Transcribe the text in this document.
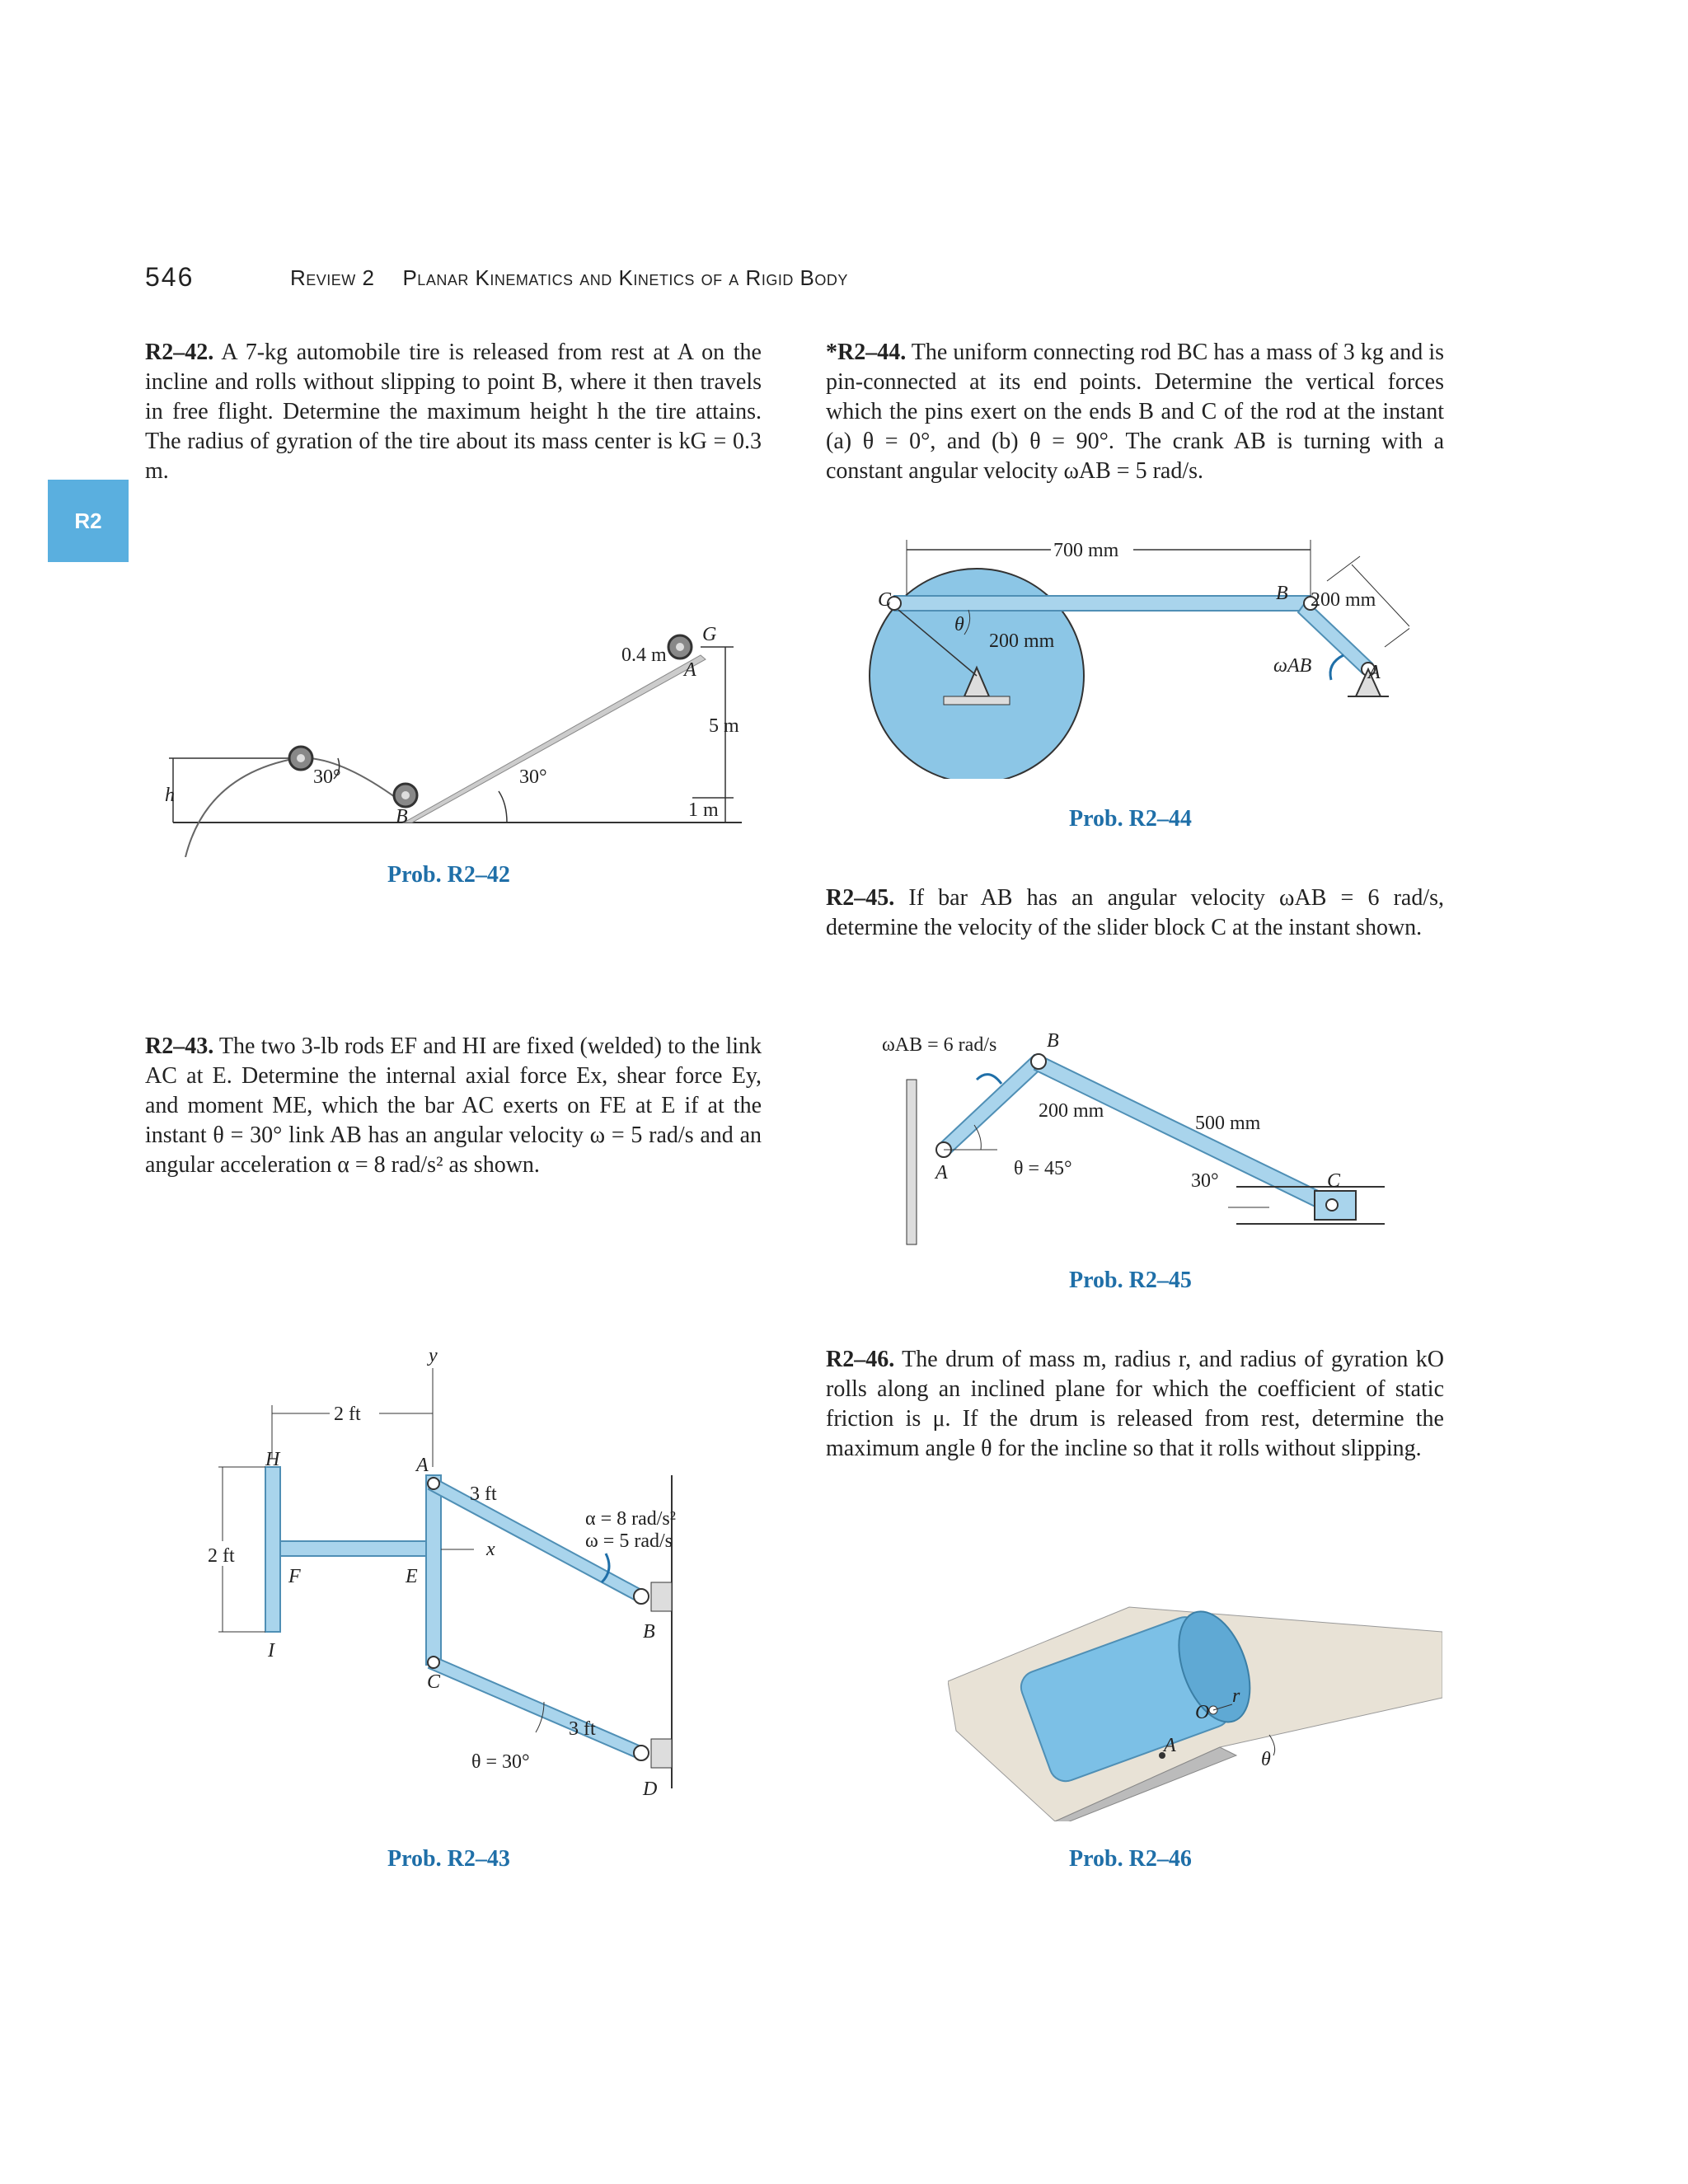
546	Review 2 Planar Kinematics and Kinetics of a Rigid Body
R2
R2–42. A 7-kg automobile tire is released from rest at A on the incline and rolls without slipping to point B, where it then travels in free flight. Determine the maximum height h the tire attains. The radius of gyration of the tire about its mass center is kG = 0.3 m.
*R2–44. The uniform connecting rod BC has a mass of 3 kg and is pin-connected at its end points. Determine the vertical forces which the pins exert on the ends B and C of the rod at the instant (a) θ = 0°, and (b) θ = 90°. The crank AB is turning with a constant angular velocity ωAB = 5 rad/s.
0.4 m
G
A
5 m
1 m
30°	30°
B
h
Prob. R2–42
700 mm
200 mm
200 mm
B
C
A
θ
ωAB
Prob. R2–44
R2–45. If bar AB has an angular velocity ωAB = 6 rad/s, determine the velocity of the slider block C at the instant shown.
R2–43. The two 3-lb rods EF and HI are fixed (welded) to the link AC at E. Determine the internal axial force Ex, shear force Ey, and moment ME, which the bar AC exerts on FE at E if at the instant θ = 30° link AB has an angular velocity ω = 5 rad/s and an angular acceleration α = 8 rad/s² as shown.
ωAB = 6 rad/s	B
A	C
200 mm
500 mm
θ = 45°
30°
Prob. R2–45
R2–46. The drum of mass m, radius r, and radius of gyration kO rolls along an inclined plane for which the coefficient of static friction is μ. If the drum is released from rest, determine the maximum angle θ for the incline so that it rolls without slipping.
y
x
2 ft
2 ft
H
F
I
E
A
C
B
D
3 ft
3 ft
α = 8 rad/s²
ω = 5 rad/s
θ = 30°
Prob. R2–43
O
r
A
θ
Prob. R2–46
